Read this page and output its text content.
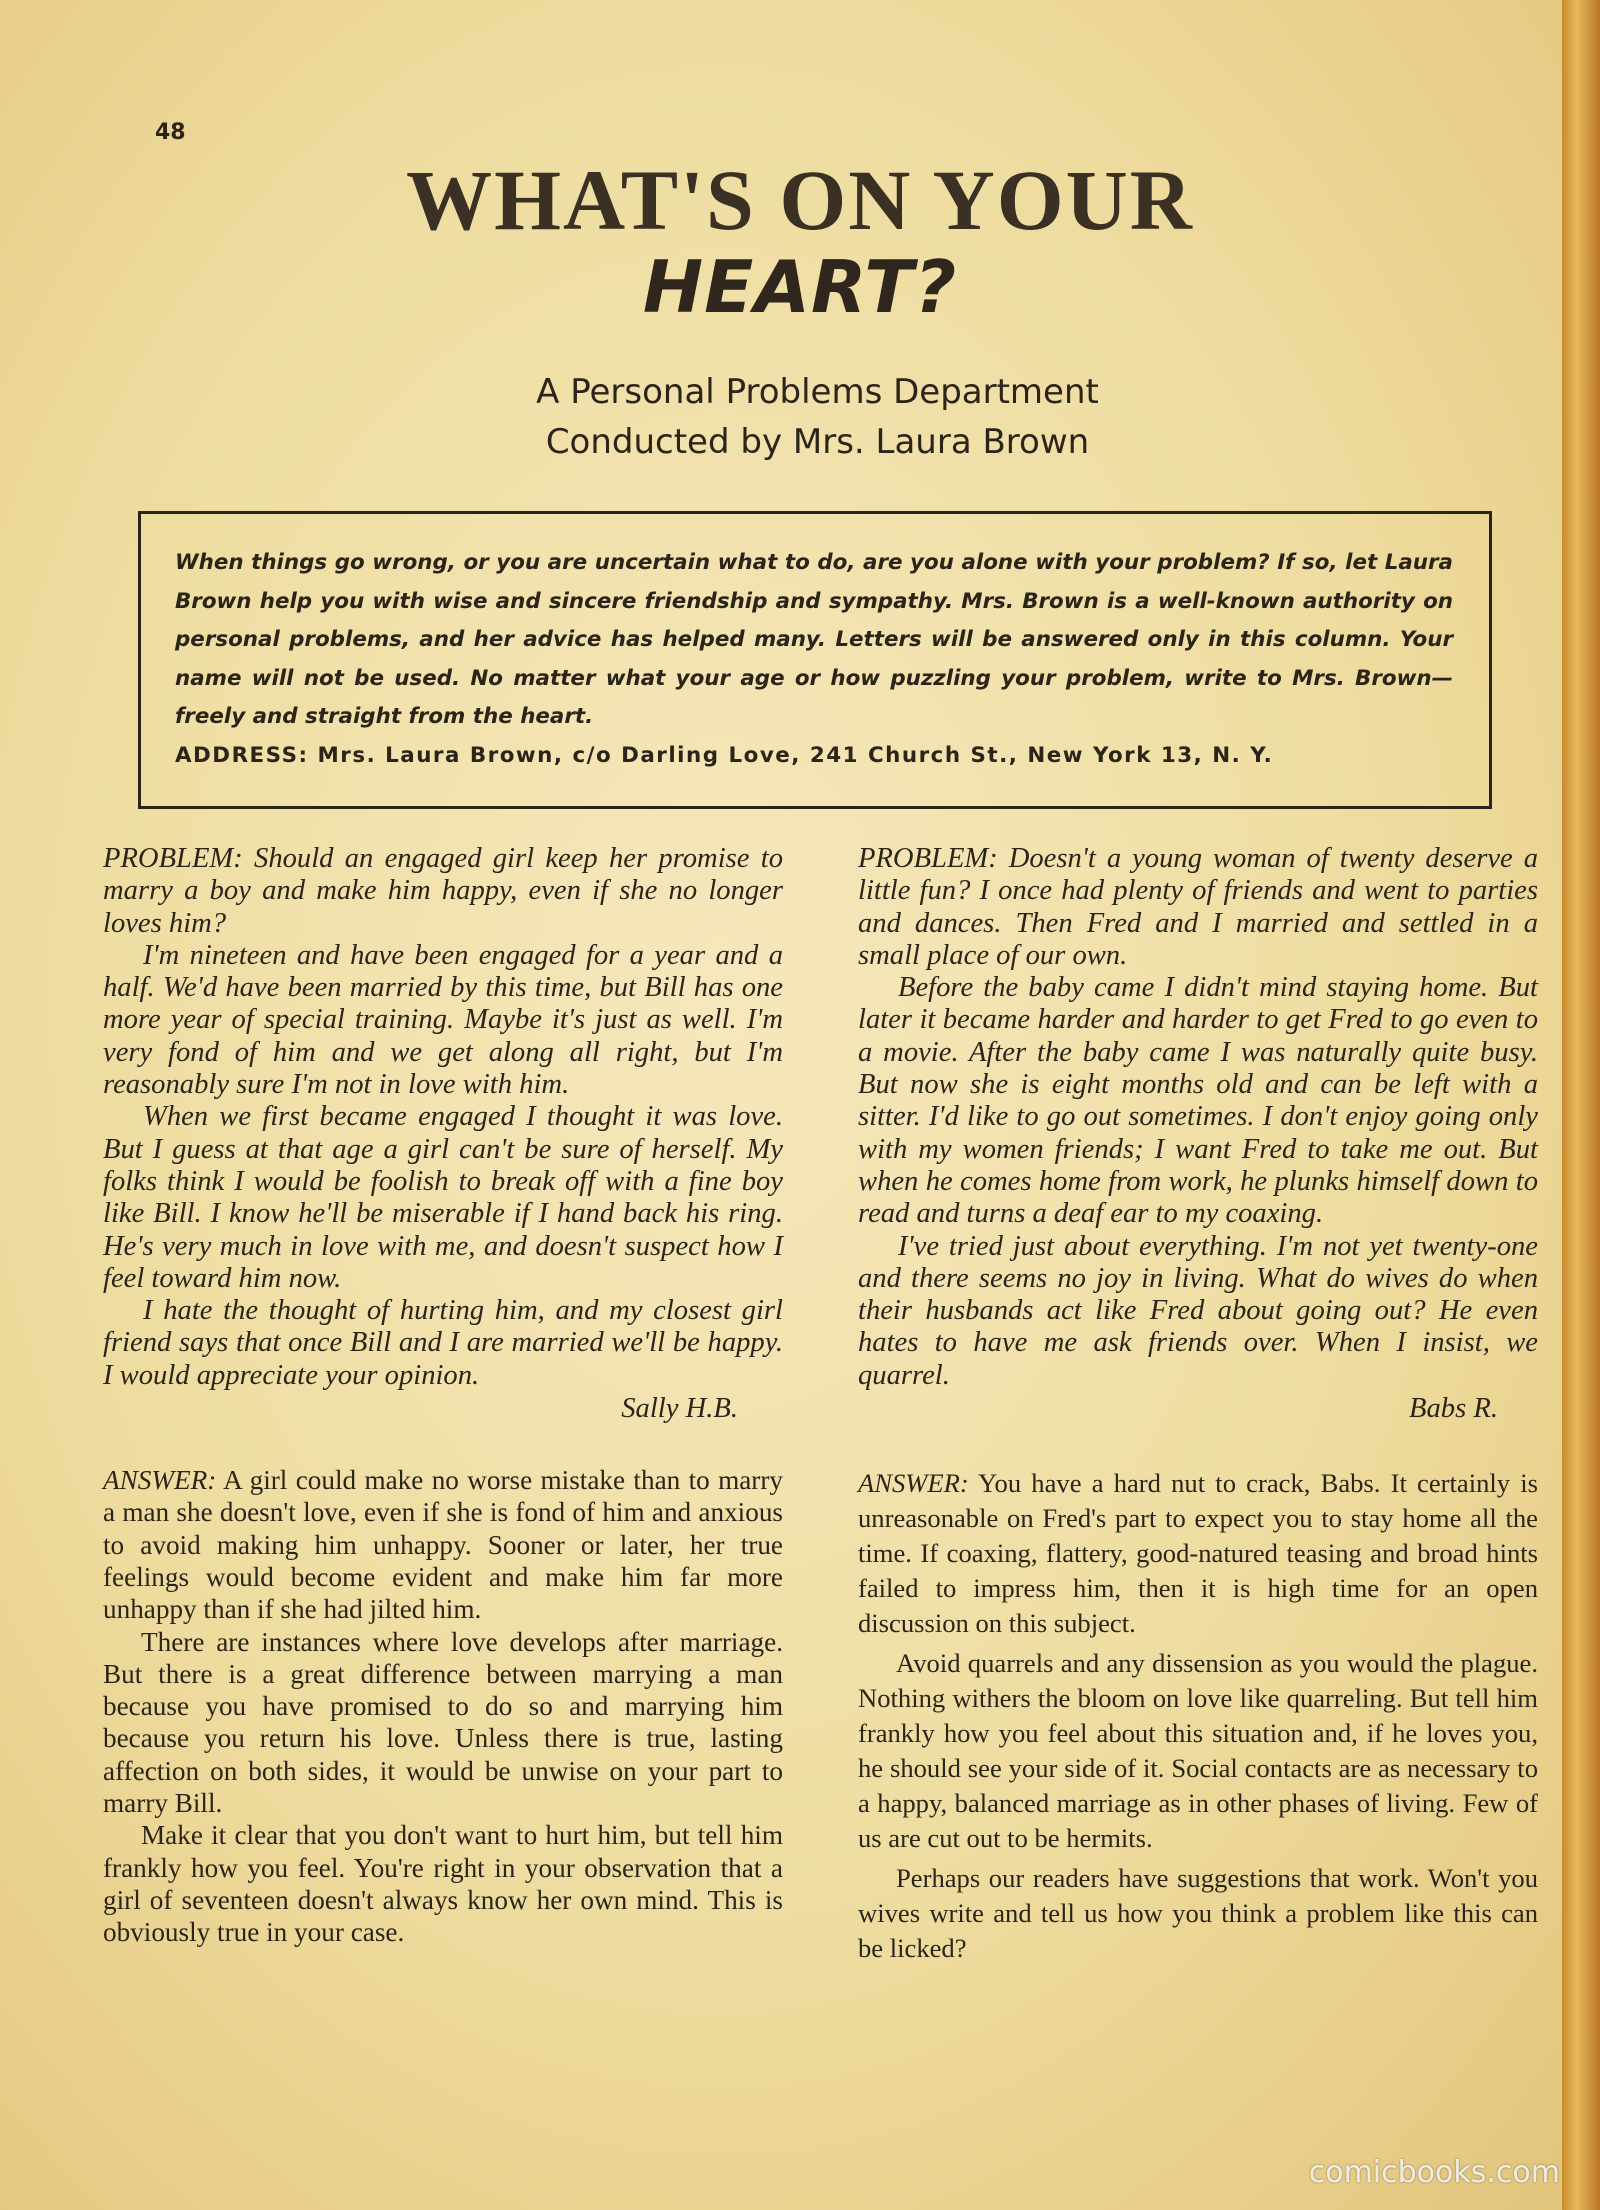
48
WHAT'S ON YOUR
HEART?
A Personal Problems Department
Conducted by Mrs. Laura Brown
When things go wrong, or you are uncertain what to do, are you alone with your problem? If so, let Laura Brown help you with wise and sincere friendship and sympathy. Mrs. Brown is a well-known authority on personal problems, and her advice has helped many. Letters will be answered only in this column. Your name will not be used. No matter what your age or how puzzling your problem, write to Mrs. Brown—freely and straight from the heart.
ADDRESS: Mrs. Laura Brown, c/o Darling Love, 241 Church St., New York 13, N. Y.

PROBLEM: Should an engaged girl keep her promise to marry a boy and make him happy, even if she no longer loves him?

I'm nineteen and have been engaged for a year and a half. We'd have been married by this time, but Bill has one more year of special training. Maybe it's just as well. I'm very fond of him and we get along all right, but I'm reasonably sure I'm not in love with him.

When we first became engaged I thought it was love. But I guess at that age a girl can't be sure of herself. My folks think I would be foolish to break off with a fine boy like Bill. I know he'll be miserable if I hand back his ring. He's very much in love with me, and doesn't suspect how I feel toward him now.

I hate the thought of hurting him, and my closest girl friend says that once Bill and I are married we'll be happy. I would appreciate your opinion.

Sally H.B.

ANSWER: A girl could make no worse mistake than to marry a man she doesn't love, even if she is fond of him and anxious to avoid making him unhappy. Sooner or later, her true feelings would become evident and make him far more unhappy than if she had jilted him.

There are instances where love develops after marriage. But there is a great difference between marrying a man because you have promised to do so and marrying him because you return his love. Unless there is true, lasting affection on both sides, it would be unwise on your part to marry Bill.

Make it clear that you don't want to hurt him, but tell him frankly how you feel. You're right in your observation that a girl of seventeen doesn't always know her own mind. This is obviously true in your case.

PROBLEM: Doesn't a young woman of twenty deserve a little fun? I once had plenty of friends and went to parties and dances. Then Fred and I married and settled in a small place of our own.

Before the baby came I didn't mind staying home. But later it became harder and harder to get Fred to go even to a movie. After the baby came I was naturally quite busy. But now she is eight months old and can be left with a sitter. I'd like to go out sometimes. I don't enjoy going only with my women friends; I want Fred to take me out. But when he comes home from work, he plunks himself down to read and turns a deaf ear to my coaxing.

I've tried just about everything. I'm not yet twenty-one and there seems no joy in living. What do wives do when their husbands act like Fred about going out? He even hates to have me ask friends over. When I insist, we quarrel.

Babs R.

ANSWER: You have a hard nut to crack, Babs. It certainly is unreasonable on Fred's part to expect you to stay home all the time. If coaxing, flattery, good-natured teasing and broad hints failed to impress him, then it is high time for an open discussion on this subject.

Avoid quarrels and any dissension as you would the plague. Nothing withers the bloom on love like quarreling. But tell him frankly how you feel about this situation and, if he loves you, he should see your side of it. Social contacts are as necessary to a happy, balanced marriage as in other phases of living. Few of us are cut out to be hermits.

Perhaps our readers have suggestions that work. Won't you wives write and tell us how you think a problem like this can be licked?

comicbooks.com
